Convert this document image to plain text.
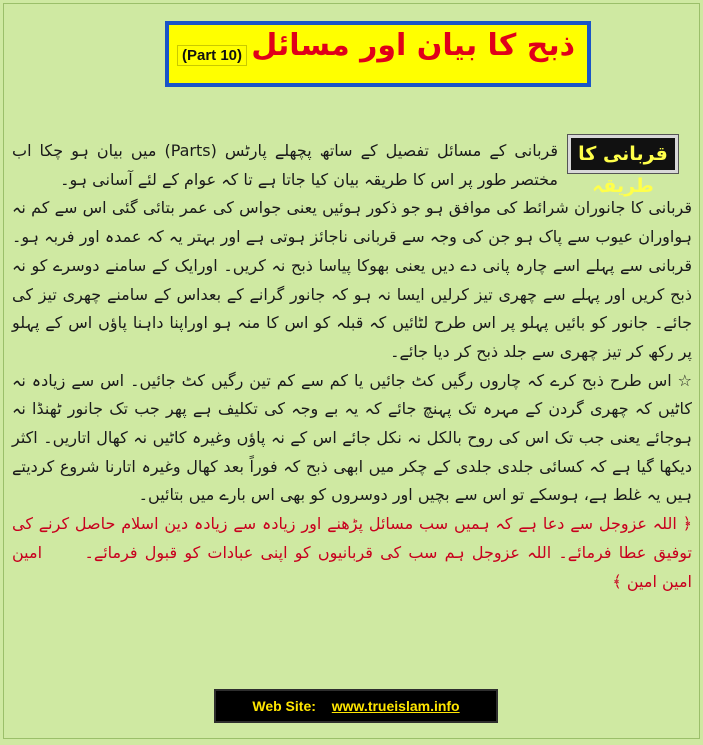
ذبح کا بیان اور مسائل
(Part 10)
قربانی کا طریقہ

قربانی کے مسائل تفصیل کے ساتھ پچھلے پارٹس (Parts) میں بیان ہو چکا اب مختصر طور پر اس کا طریقہ بیان کیا جاتا ہے تا کہ عوام کے لئے آسانی ہو۔

قربانی کا جانوران شرائط کی موافق ہو جو ذکور ہوئیں یعنی جواس کی عمر بتائی گئی اس سے کم نہ ہواوران عیوب سے پاک ہو جن کی وجہ سے قربانی ناجائز ہوتی ہے اور بہتر یہ کہ عمدہ اور فربہ ہو۔ قربانی سے پہلے اسے چارہ پانی دے دیں یعنی بھوکا پیاسا ذبح نہ کریں۔ اورایک کے سامنے دوسرے کو نہ ذبح کریں اور پہلے سے چھری تیز کرلیں ایسا نہ ہو کہ جانور گرانے کے بعداس کے سامنے چھری تیز کی جائے۔ جانور کو بائیں پہلو پر اس طرح لٹائیں کہ قبلہ کو اس کا منہ ہو اوراپنا داہنا پاؤں اس کے پہلو پر رکھ کر تیز چھری سے جلد ذبح کر دیا جائے۔

☆ اس طرح ذبح کرے کہ چاروں رگیں کٹ جائیں یا کم سے کم تین رگیں کٹ جائیں۔ اس سے زیادہ نہ کاٹیں کہ چھری گردن کے مہرہ تک پہنچ جائے کہ یہ بے وجہ کی تکلیف ہے پھر جب تک جانور ٹھنڈا نہ ہوجائے یعنی جب تک اس کی روح بالکل نہ نکل جائے اس کے نہ پاؤں وغیرہ کاٹیں نہ کھال اتاریں۔ اکثر دیکھا گیا ہے کہ کسائی جلدی جلدی کے چکر میں ابھی ذبح کہ فوراً بعد کھال وغیرہ اتارنا شروع کردیتے ہیں یہ غلط ہے، ہوسکے تو اس سے بچیں اور دوسروں کو بھی اس بارے میں بتائیں۔

﴿ اللہ عزوجل سے دعا ہے کہ ہمیں سب مسائل پڑھنے اور زیادہ سے زیادہ دین اسلام حاصل کرنے کی توفیق عطا فرمائے۔ اللہ عزوجل ہم سب کی قربانیوں کو اپنی عبادات کو قبول فرمائے۔  امین امین امین ﴾

Web Site: www.trueislam.info
